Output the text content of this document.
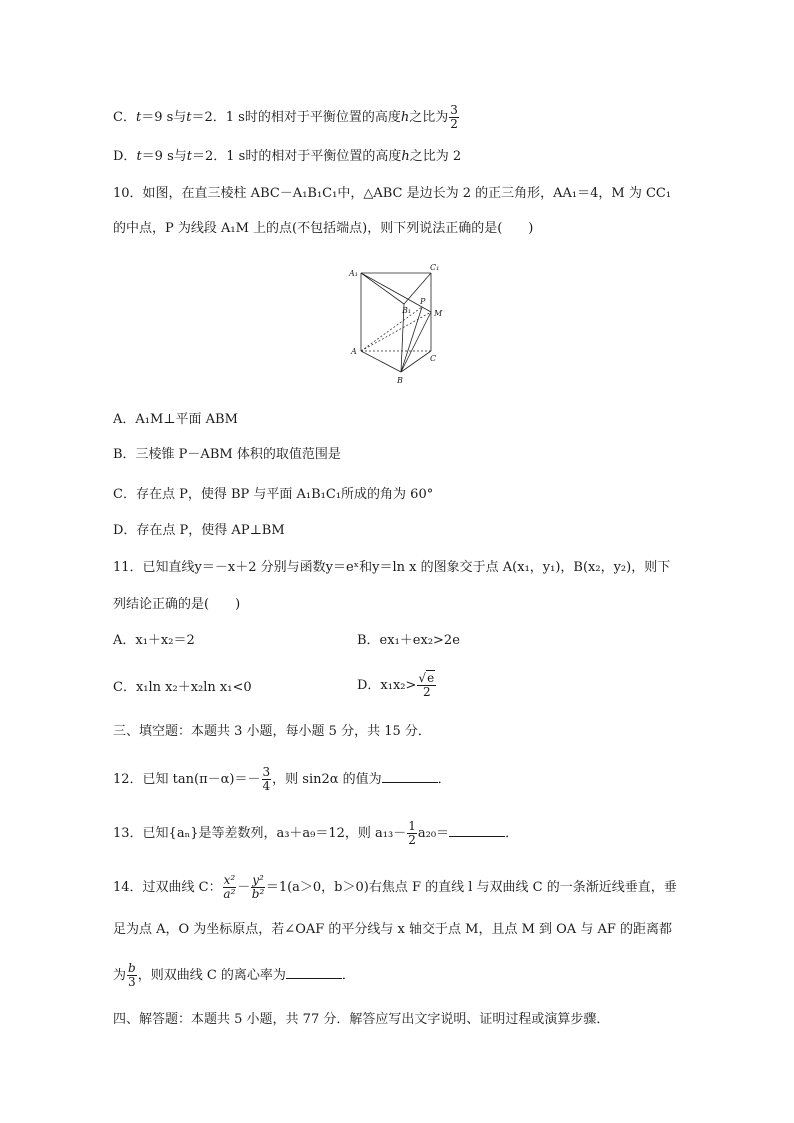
C．t＝9 s与t＝2．1 s时的相对于平衡位置的高度h之比为 $\frac{3}{2}$
D．t＝9 s与t＝2．1 s时的相对于平衡位置的高度h之比为 2
10．如图，在直三棱柱 ABC－A₁B₁C₁中，△ABC 是边长为 2 的正三角形，AA₁＝4，M 为 CC₁
的中点，P 为线段 A₁M 上的点(不包括端点)，则下列说法正确的是(　　)
A₁
C₁
B₁
P
M
A
C
B
A．A₁M⊥平面 ABM
B．三棱锥 P－ABM 体积的取值范围是
C．存在点 P，使得 BP 与平面 A₁B₁C₁所成的角为 60°
D．存在点 P，使得 AP⊥BM
11．已知直线y＝－x＋2 分别与函数y＝eˣ和y＝ln x 的图象交于点 A(x₁，y₁)，B(x₂，y₂)，则下
列结论正确的是(　　)
A．x₁＋x₂＝2	B．ex₁＋ex₂>2e
C．x₁ln x₂＋x₂ln x₁<0	D．$x_1x_2> \frac{√e}{2}$
三、填空题：本题共 3 小题，每小题 5 分，共 15 分．
12．已知 $\tan(\pi-\alpha)=- \frac{3}{4}$ ，则 sin2α 的值为	．
13．已知{aₙ}是等差数列，a₃＋a₉＝12，则 $a_{13}- \frac{1}{2} a_{20}=$	．
14．过双曲线 C： $\frac{\text{x²}}{\text{a²}} - \frac{\text{y²}}{\text{b²}} =1(a>0$，b＞0)右焦点 F 的直线 l 与双曲线 C 的一条渐近线垂直，垂
足为点 A，O 为坐标原点，若∠OAF 的平分线与 x 轴交于点 M，且点 M 到 OA 与 AF 的距离都
为 $\frac{b}{3}$ ，则双曲线 C 的离心率为	．
四、解答题：本题共 5 小题，共 77 分．解答应写出文字说明、证明过程或演算步骤．
